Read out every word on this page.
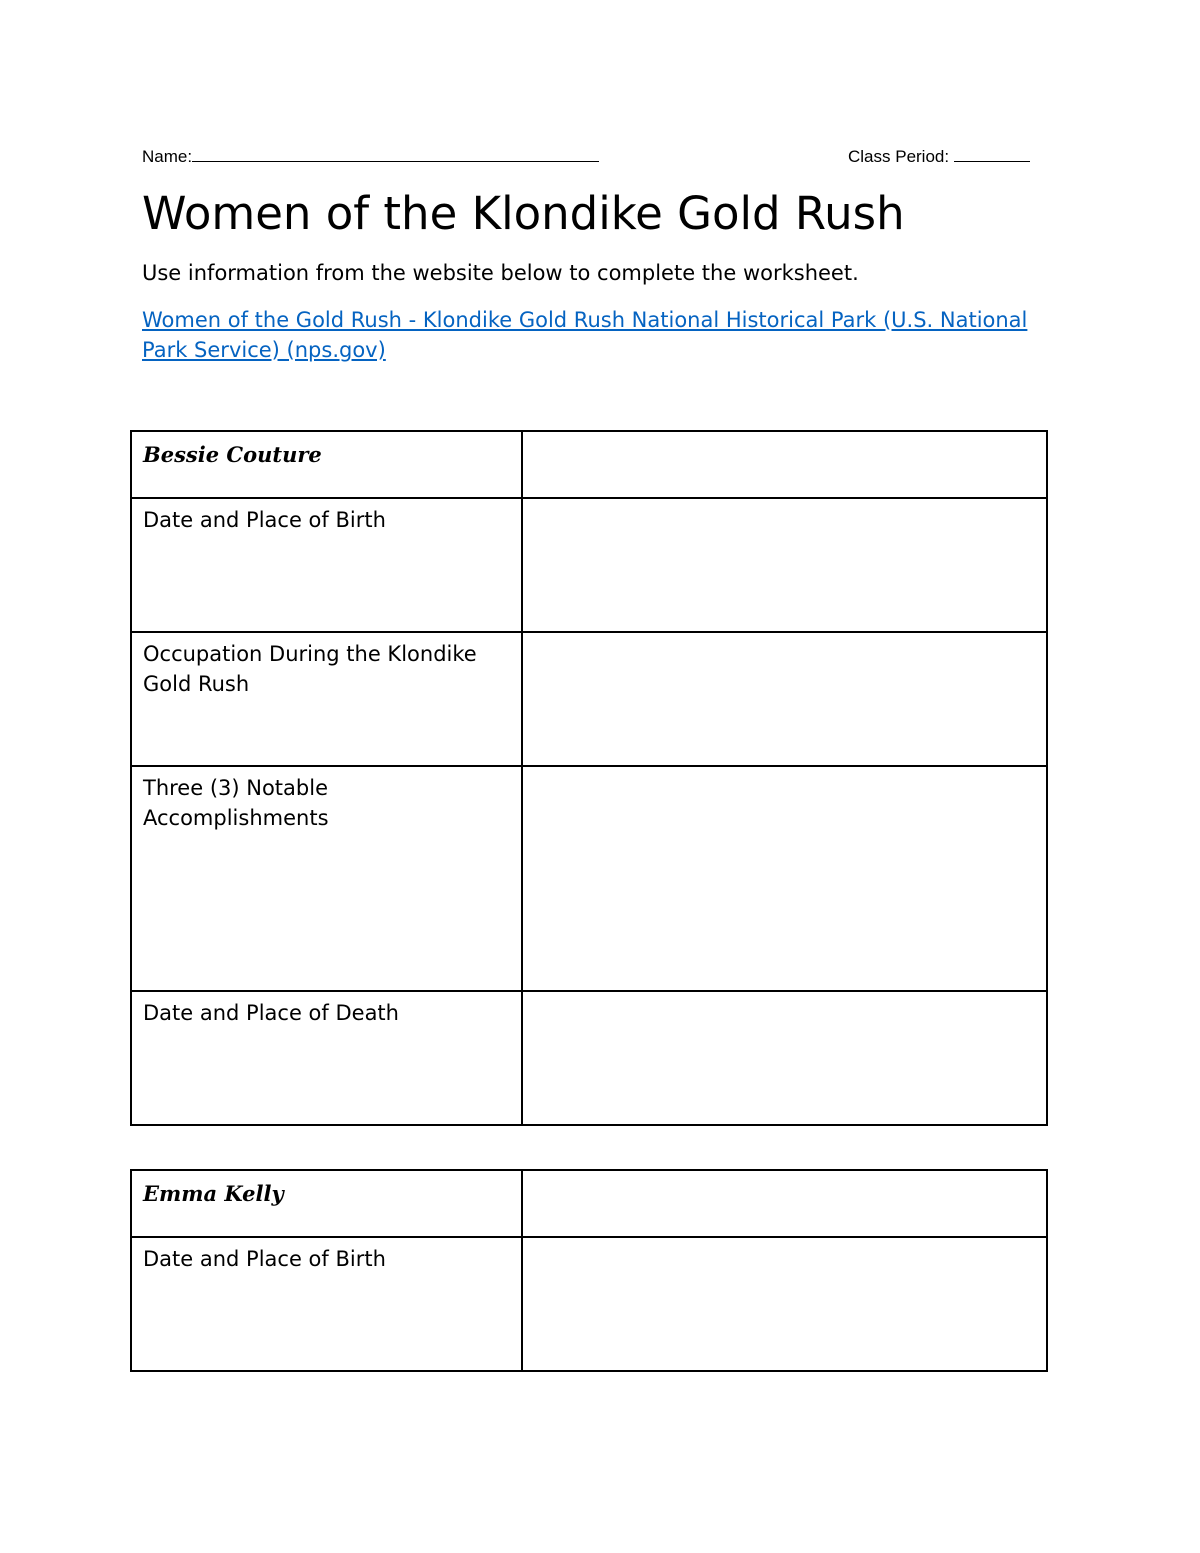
Name:	Class Period:
Women of the Klondike Gold Rush

Use information from the website below to complete the worksheet.

Women of the Gold Rush - Klondike Gold Rush National Historical Park (U.S. National Park Service) (nps.gov)
Bessie Couture	
Date and Place of Birth	
Occupation During the Klondike Gold Rush	
Three (3) Notable Accomplishments	
Date and Place of Death	
Emma Kelly	
Date and Place of Birth	
